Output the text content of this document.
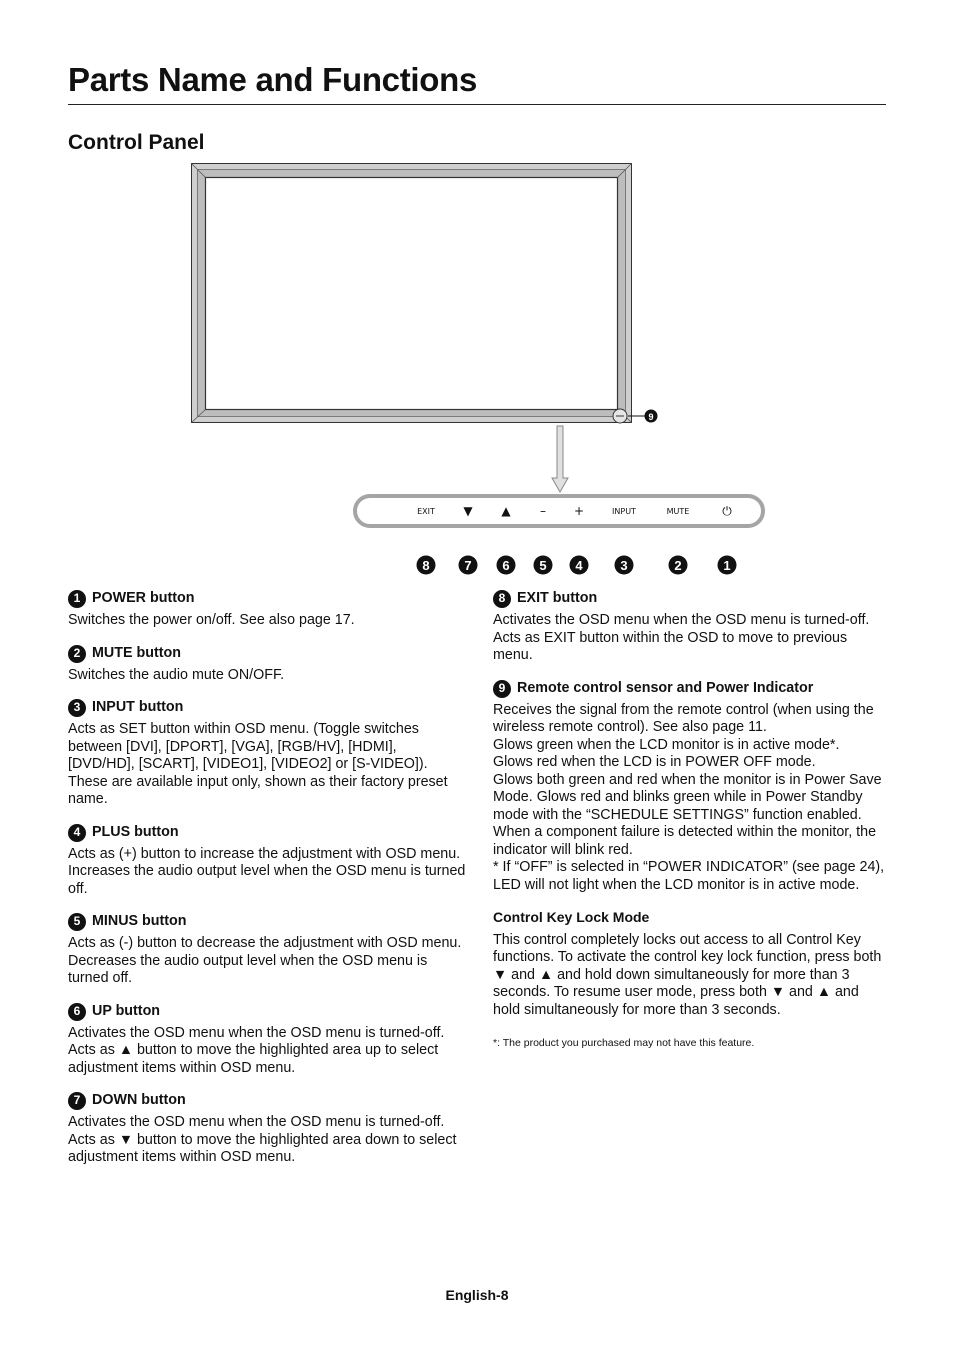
Parts Name and Functions
Control Panel
9
EXIT ▼ ▲ – +	INPUT	MUTE	⏻
8	7 6 5 4	3	2	1
1 POWER button

Switches the power on/off. See also page 17.

2 MUTE button

Switches the audio mute ON/OFF.

3 INPUT button

Acts as SET button within OSD menu. (Toggle switches between [DVI], [DPORT], [VGA], [RGB/HV], [HDMI], [DVD/HD], [SCART], [VIDEO1], [VIDEO2] or [S-VIDEO]). These are available input only, shown as their factory preset name.

4 PLUS button

Acts as (+) button to increase the adjustment with OSD menu. Increases the audio output level when the OSD menu is turned off.

5 MINUS button

Acts as (-) button to decrease the adjustment with OSD menu. Decreases the audio output level when the OSD menu is turned off.

6 UP button

Activates the OSD menu when the OSD menu is turned-off.

Acts as ▲ button to move the highlighted area up to select adjustment items within OSD menu.

7 DOWN button

Activates the OSD menu when the OSD menu is turned-off.

Acts as ▼ button to move the highlighted area down to select adjustment items within OSD menu.

8 EXIT button

Activates the OSD menu when the OSD menu is turned-off.

Acts as EXIT button within the OSD to move to previous menu.

9 Remote control sensor and Power Indicator

Receives the signal from the remote control (when using the wireless remote control). See also page 11.

Glows green when the LCD monitor is in active mode*.

Glows red when the LCD is in POWER OFF mode.

Glows both green and red when the monitor is in Power Save Mode. Glows red and blinks green while in Power Standby mode with the “SCHEDULE SETTINGS” function enabled.

When a component failure is detected within the monitor, the indicator will blink red.

* If “OFF” is selected in “POWER INDICATOR” (see page 24), LED will not light when the LCD monitor is in active mode.

Control Key Lock Mode
This control completely locks out access to all Control Key functions. To activate the control key lock function, press both ▼ and ▲ and hold down simultaneously for more than 3 seconds. To resume user mode, press both ▼ and ▲ and hold simultaneously for more than 3 seconds.
*: The product you purchased may not have this feature.
English-8
